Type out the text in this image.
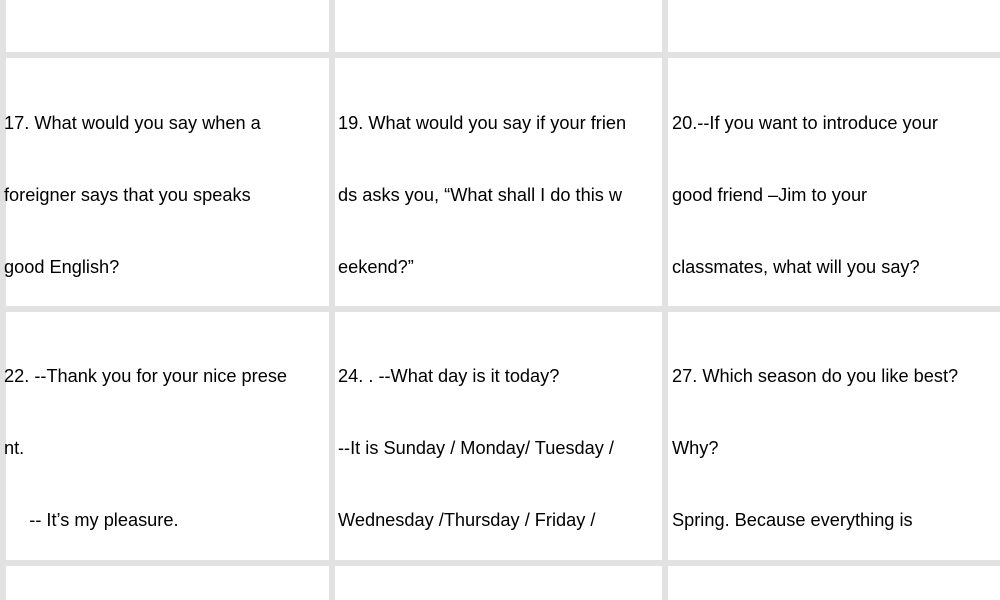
17. What would you say when a

foreigner says that you speaks

good English?

19. What would you say if your frien

ds asks you, “What shall I do this w

eekend?”

20.--If you want to introduce your

good friend –Jim to your

classmates, what will you say?

22. --Thank you for your nice prese

nt.

-- It’s my pleasure.

24. . --What day is it today?

--It is Sunday / Monday/ Tuesday /

Wednesday /Thursday / Friday /

27. Which season do you like best?

Why?

Spring. Because everything is
